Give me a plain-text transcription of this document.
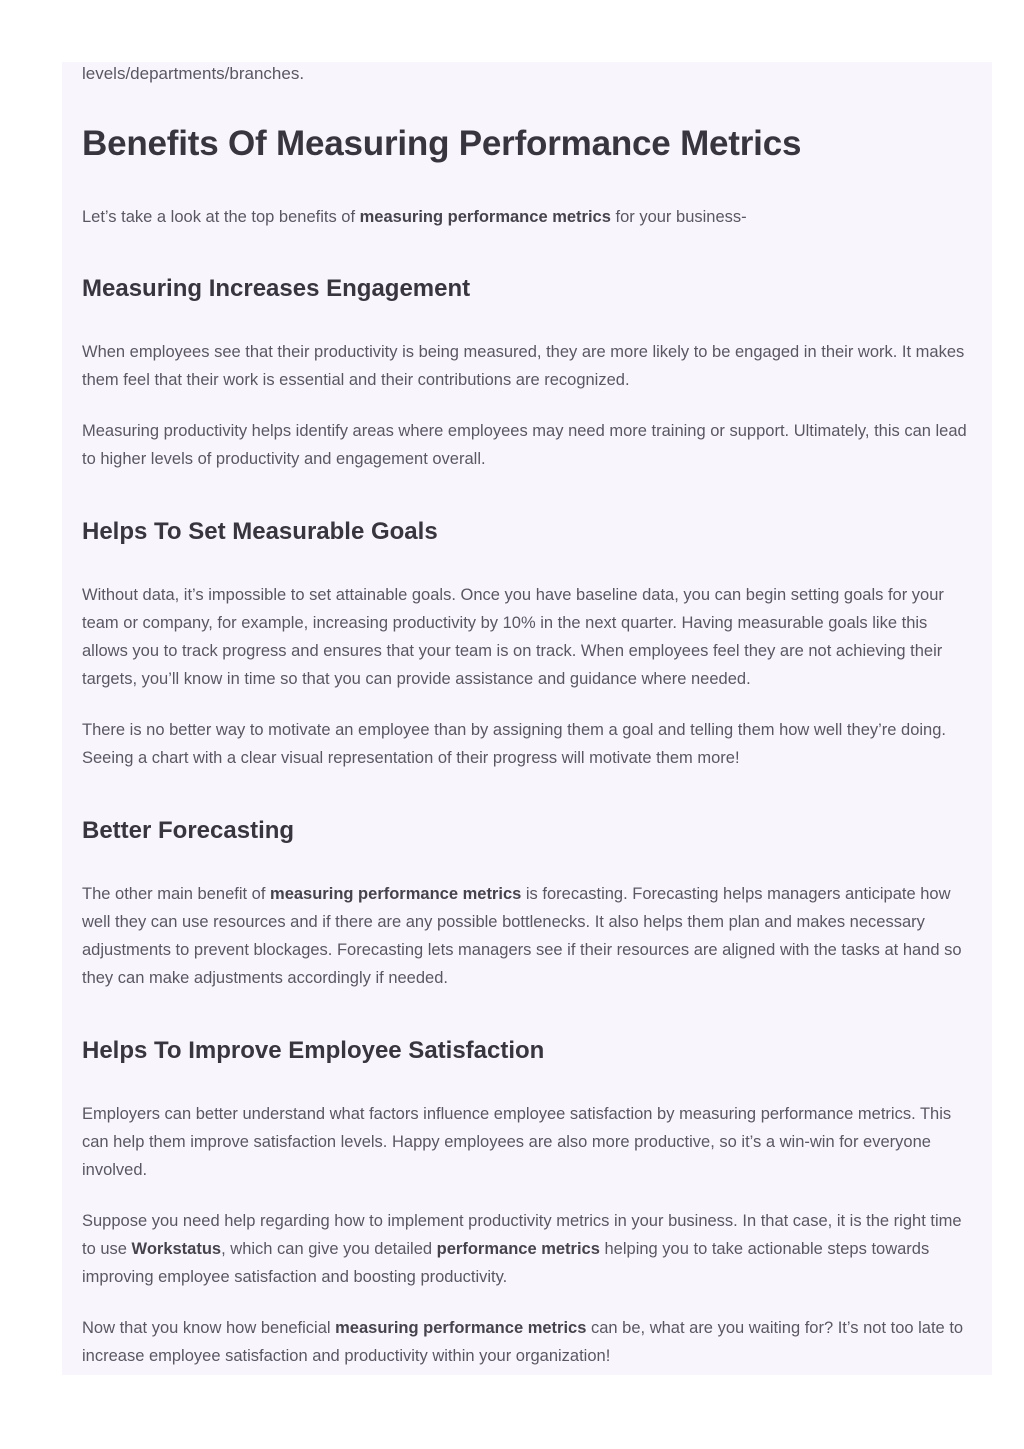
levels/departments/branches.

Benefits Of Measuring Performance Metrics

Let’s take a look at the top benefits of measuring performance metrics for your business-

Measuring Increases Engagement

When employees see that their productivity is being measured, they are more likely to be engaged in their work. It makes them feel that their work is essential and their contributions are recognized.

Measuring productivity helps identify areas where employees may need more training or support. Ultimately, this can lead to higher levels of productivity and engagement overall.

Helps To Set Measurable Goals

Without data, it’s impossible to set attainable goals. Once you have baseline data, you can begin setting goals for your team or company, for example, increasing productivity by 10% in the next quarter. Having measurable goals like this allows you to track progress and ensures that your team is on track. When employees feel they are not achieving their targets, you’ll know in time so that you can provide assistance and guidance where needed.

There is no better way to motivate an employee than by assigning them a goal and telling them how well they’re doing. Seeing a chart with a clear visual representation of their progress will motivate them more!

Better Forecasting

The other main benefit of measuring performance metrics is forecasting. Forecasting helps managers anticipate how well they can use resources and if there are any possible bottlenecks. It also helps them plan and makes necessary adjustments to prevent blockages. Forecasting lets managers see if their resources are aligned with the tasks at hand so they can make adjustments accordingly if needed.

Helps To Improve Employee Satisfaction

Employers can better understand what factors influence employee satisfaction by measuring performance metrics. This can help them improve satisfaction levels. Happy employees are also more productive, so it’s a win-win for everyone involved.

Suppose you need help regarding how to implement productivity metrics in your business. In that case, it is the right time to use Workstatus, which can give you detailed performance metrics helping you to take actionable steps towards improving employee satisfaction and boosting productivity.

Now that you know how beneficial measuring performance metrics can be, what are you waiting for? It’s not too late to increase employee satisfaction and productivity within your organization!
